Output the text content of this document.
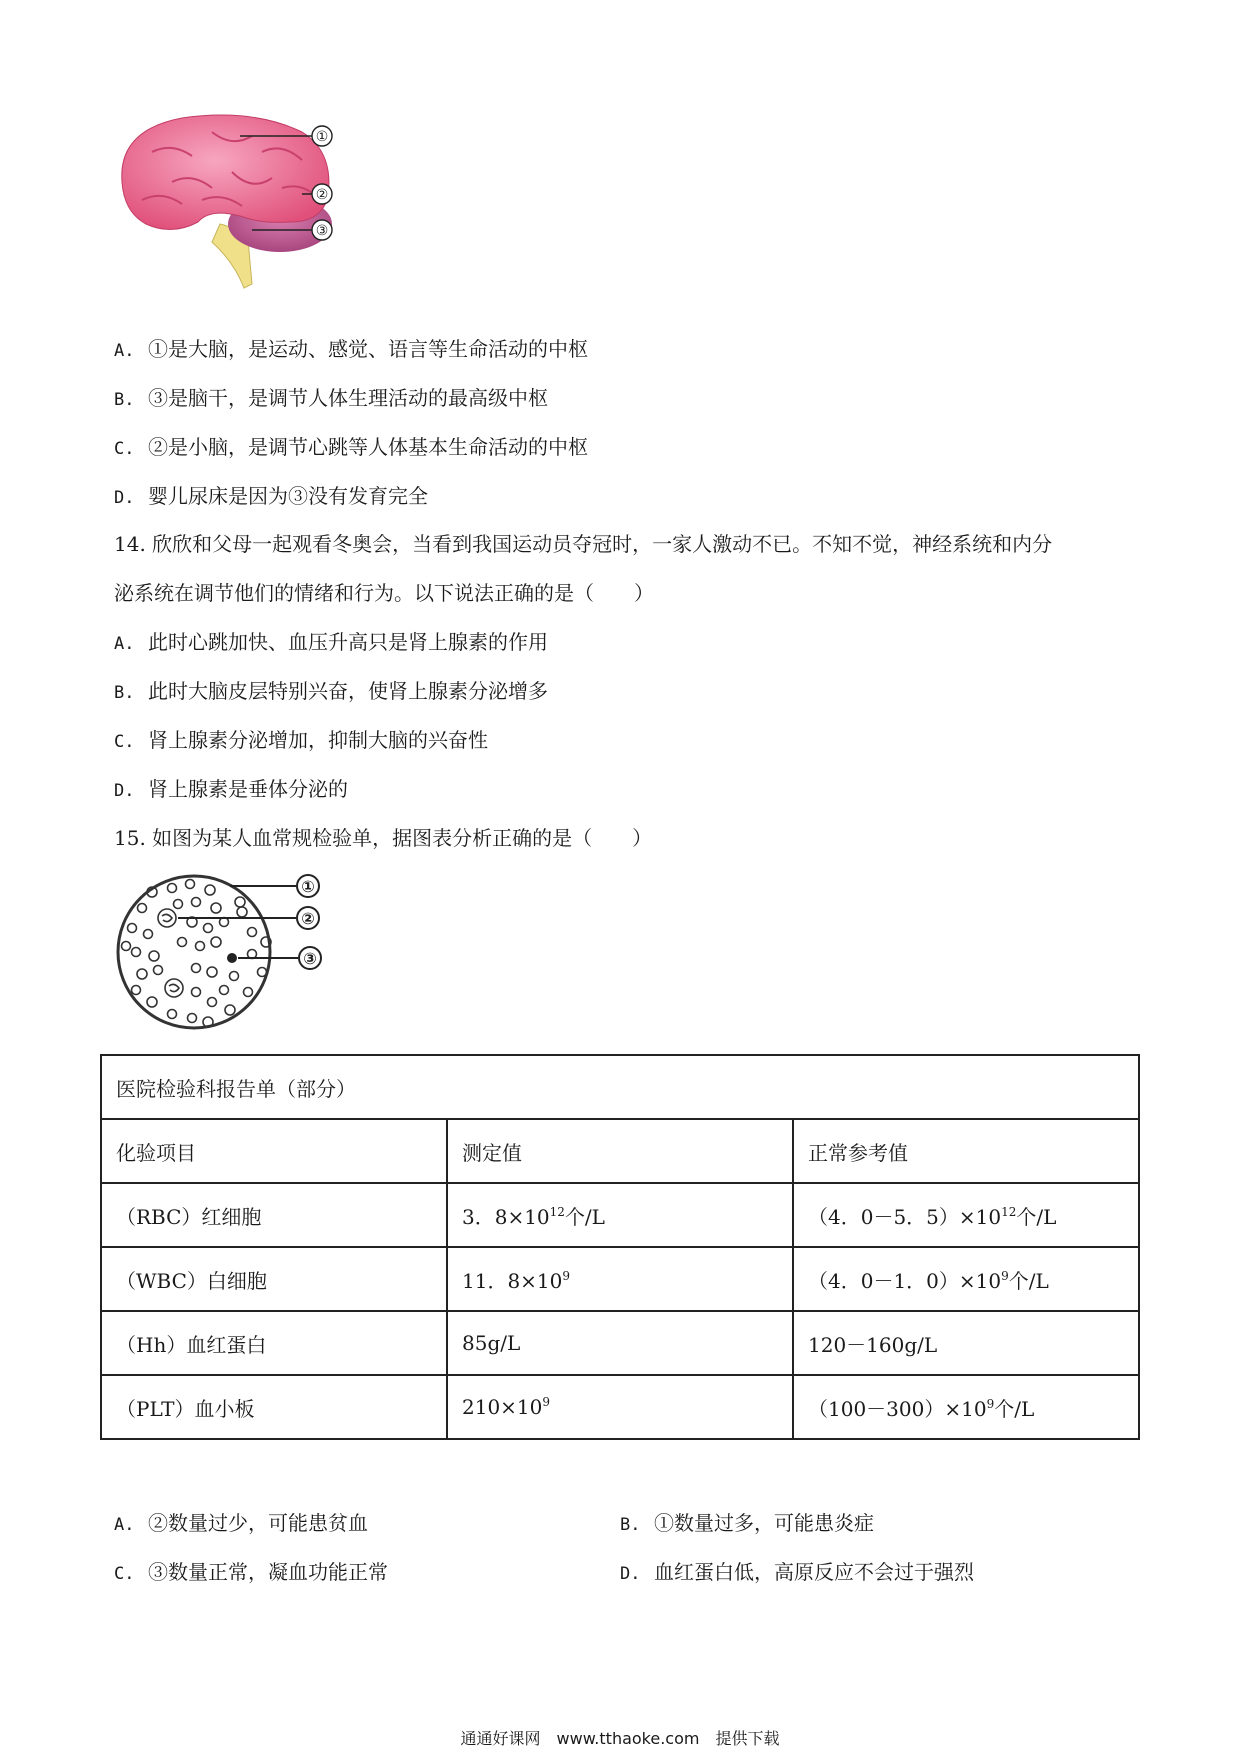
①
②
③
A. ①是大脑，是运动、感觉、语言等生命活动的中枢
B. ③是脑干，是调节人体生理活动的最高级中枢
C. ②是小脑，是调节心跳等人体基本生命活动的中枢
D. 婴儿尿床是因为③没有发育完全
14. 欣欣和父母一起观看冬奥会，当看到我国运动员夺冠时，一家人激动不已。不知不觉，神经系统和内分
泌系统在调节他们的情绪和行为。以下说法正确的是（　　）
A. 此时心跳加快、血压升高只是肾上腺素的作用
B. 此时大脑皮层特别兴奋，使肾上腺素分泌增多
C. 肾上腺素分泌增加，抑制大脑的兴奋性
D. 肾上腺素是垂体分泌的
15. 如图为某人血常规检验单，据图表分析正确的是（　　）
①
②
③
医院检验科报告单（部分）		
化验项目	测定值	正常参考值
（RBC）红细胞	3．$8\times 10^{12}$个/L	（4．0－5．$5)\times 10^{12}$个/L
（WBC）白细胞	11．$8\times 10^9$	（4．0－1．$0)\times 10^9$个/L
（Hh）血红蛋白	85g/L	120－160g/L
（PLT）血小板	$210\times 10^9$	$(100-300)\times 10^9$个/L
A. ②数量过少，可能患贫血	B. ①数量过多，可能患炎症
C. ③数量正常，凝血功能正常	D. 血红蛋白低，高原反应不会过于强烈
通通好课网　www.tthaoke.com　提供下载
